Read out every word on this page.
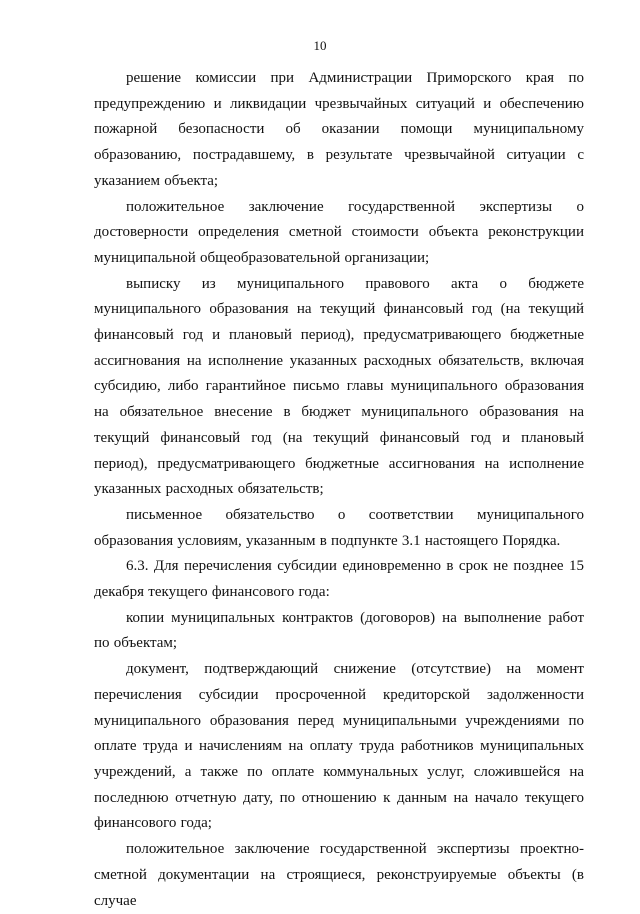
10

решение комиссии при Администрации Приморского края по предупреждению и ликвидации чрезвычайных ситуаций и обеспечению пожарной безопасности об оказании помощи муниципальному образованию, пострадавшему, в результате чрезвычайной ситуации с указанием объекта;

положительное заключение государственной экспертизы о достоверности определения сметной стоимости объекта реконструкции муниципальной общеобразовательной организации;

выписку из муниципального правового акта о бюджете муниципального образования на текущий финансовый год (на текущий финансовый год и плановый период), предусматривающего бюджетные ассигнования на исполнение указанных расходных обязательств, включая субсидию, либо гарантийное письмо главы муниципального образования на обязательное внесение в бюджет муниципального образования на текущий финансовый год (на текущий финансовый год и плановый период), предусматривающего бюджетные ассигнования на исполнение указанных расходных обязательств;

письменное обязательство о соответствии муниципального образования условиям, указанным в подпункте 3.1 настоящего Порядка.

6.3. Для перечисления субсидии единовременно в срок не позднее 15 декабря текущего финансового года:

копии муниципальных контрактов (договоров) на выполнение работ по объектам;

документ, подтверждающий снижение (отсутствие) на момент перечисления субсидии просроченной кредиторской задолженности муниципального образования перед муниципальными учреждениями по оплате труда и начислениям на оплату труда работников муниципальных учреждений, а также по оплате коммунальных услуг, сложившейся на последнюю отчетную дату, по отношению к данным на начало текущего финансового года;

положительное заключение государственной экспертизы проектно-сметной документации на строящиеся, реконструируемые объекты (в случае
